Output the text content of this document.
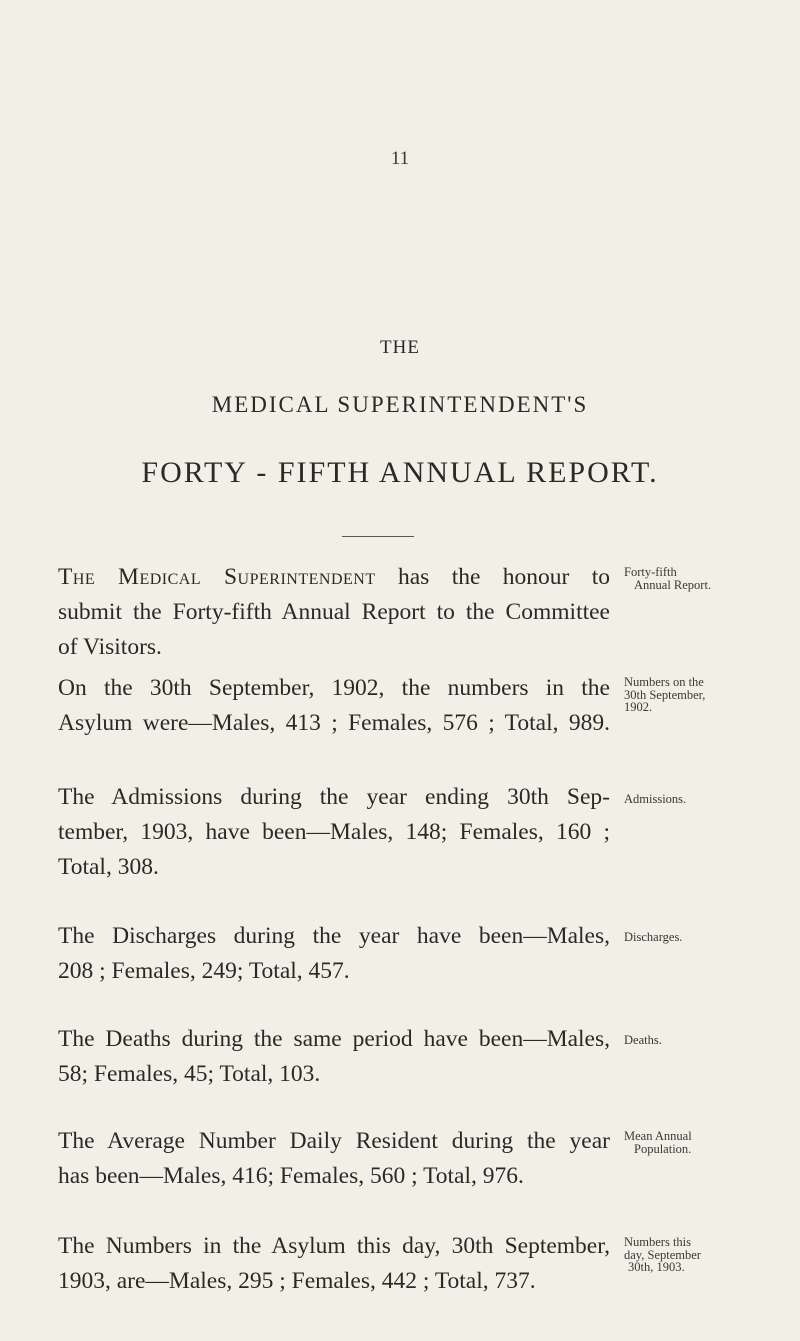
11
THE
MEDICAL SUPERINTENDENT'S
FORTY - FIFTH ANNUAL REPORT.
The Medical Superintendent has the honour to
submit the Forty-fifth Annual Report to the Committee
of Visitors.
Forty-fifth
Annual Report.
On the 30th September, 1902, the numbers in the
Asylum were—Males, 413 ; Females, 576 ; Total, 989.
Numbers on the
30th September,
1902.
The Admissions during the year ending 30th Sep-
tember, 1903, have been—Males, 148; Females, 160 ;
Total, 308.
Admissions.
The Discharges during the year have been—Males,
208 ; Females, 249; Total, 457.
Discharges.
The Deaths during the same period have been—Males,
58; Females, 45; Total, 103.
Deaths.
The Average Number Daily Resident during the year
has been—Males, 416; Females, 560 ; Total, 976.
Mean Annual
Population.
The Numbers in the Asylum this day, 30th September,
1903, are—Males, 295 ; Females, 442 ; Total, 737.
Numbers this
day, September
30th, 1903.
